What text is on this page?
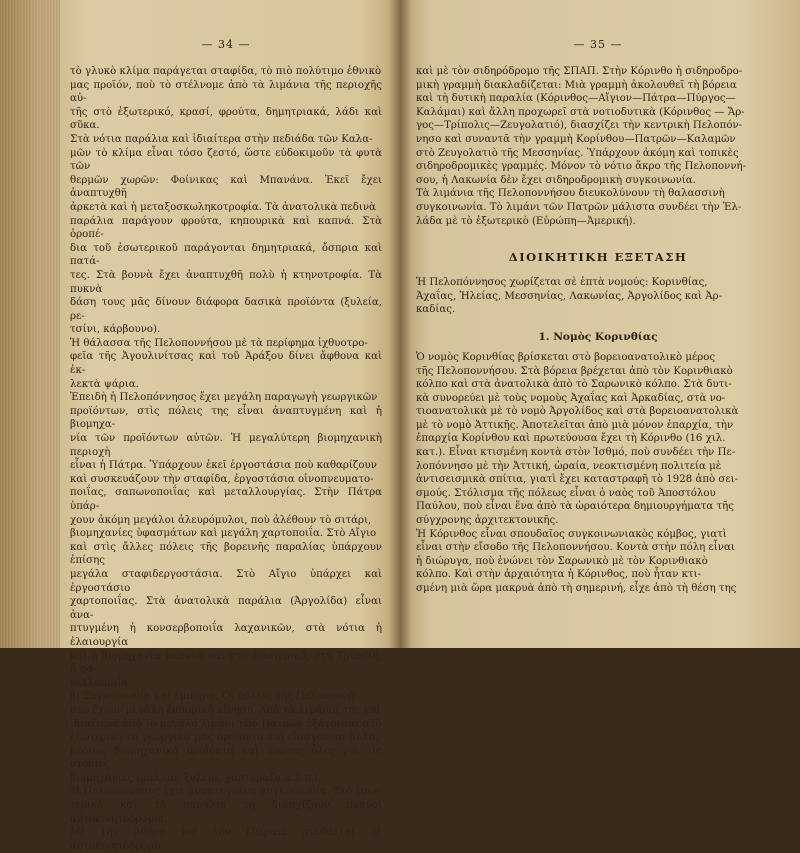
— 34 —

τὸ γλυκὸ κλίμα παράγεται σταφίδα, τὸ πιὸ πολύτιμο ἐθνικὸ

μας προϊόν, ποὺ τὸ στέλνομε ἀπὸ τὰ λιμάνια τῆς περιοχῆς αὐ-

τῆς στὸ ἐξωτερικό, κρασί, φρούτα, δημητριακά, λάδι καὶ σῦκα.

Στὰ νότια παράλια καὶ ἰδιαίτερα στὴν πεδιάδα τῶν Καλα-

μῶν τὸ κλίμα εἶναι τόσο ζεστό, ὥστε εὐδοκιμοῦν τὰ φυτὰ τῶν

θερμῶν χωρῶν: Φοίνικας καὶ Μπανάνα. Ἐκεῖ ἔχει ἀναπτυχθῆ

ἀρκετὰ καὶ ἡ μεταξοσκωληκοτροφία. Τὰ ἀνατολικὰ πεδινὰ

παράλια παράγουν φρούτα, κηπουρικὰ καὶ καπνά. Στὰ ὀροπέ-

δια τοῦ ἐσωτερικοῦ παράγονται δημητριακά, ὄσπρια καὶ πατά-

τες. Στὰ βουνὰ ἔχει ἀναπτυχθῆ πολὺ ἡ κτηνοτροφία. Τὰ πυκνὰ

δάση τους μᾶς δίνουν διάφορα δασικὰ προϊόντα (ξυλεία, ρε-

τσίνι, κάρβουνο).

Ἡ θάλασσα τῆς Πελοποννήσου μὲ τὰ περίφημα ἰχθυοτρο-

φεῖα τῆς Ἀγουλινίτσας καὶ τοῦ Ἀράξου δίνει ἄφθονα καὶ ἐκ-

λεκτὰ ψάρια.

Ἐπειδὴ ἡ Πελοπόννησος ἔχει μεγάλη παραγωγὴ γεωργικῶν

προϊόντων, στὶς πόλεις της εἶναι ἀναπτυγμένη καὶ ἡ βιομηχα-

νία τῶν προϊόντων αὐτῶν. Ἡ μεγαλύτερη βιομηχανικὴ περιοχὴ

εἶναι ἡ Πάτρα. Ὑπάρχουν ἐκεῖ ἐργοστάσια ποὺ καθαρίζουν

καὶ συσκευάζουν τὴν σταφίδα, ἐργοστάσια οἰνοπνευματο-

ποιΐας, σαπωνοποιΐας καὶ μεταλλουργίας. Στὴν Πάτρα ὑπάρ-

χουν ἀκόμη μεγάλοι ἀλευρόμυλοι, ποὺ ἀλέθουν τὸ σιτάρι,

βιομηχανίες ὑφασμάτων καὶ μεγάλη χαρτοποιΐα. Στὸ Αἴγιο

καὶ στὶς ἄλλες πόλεις τῆς βορεινῆς παραλίας ὑπάρχουν ἐπίσης

μεγάλα σταφιδεργοστάσια. Στὸ Αἴγιο ὑπάρχει καὶ ἐργοστάσιο

χαρτοποιΐας. Στὰ ἀνατολικὰ παράλια (Ἀργολίδα) εἶναι ἀνα-

πτυγμένη ἡ κονσερβοποιΐα λαχανικῶν, στὰ νότια ἡ ἐλαιουργία

καὶ ἡ βιομηχανία καπνοῦ καὶ στὸ ἐσωτερικό, στὴ Τρίπολη, ἡ φα-

νελλοποιΐα.

β) Συγκοινωνία καὶ ἐμπόριο: Οἱ πόλεις τῆς Πελοποννή-

σου ἔχουν μεγάλη ἐμπορικὴ κίνηση. Ἀπὸ τὰ λιμάνια της καὶ

ἰδιαίτερα ἀπὸ τὸ μεγάλο λιμάνι τῶν Πατρῶν ἐξάγονται στὸ

ἐξωτερικὸ τὰ γεωργικά μας προϊόντα καὶ εἰσάγονται ἄλλα,

κυρίως βιομηχανικὰ προϊόντα καὶ πρῶτες ὗλες γιὰ τὶς ντόπιες

βιομηχανίες (μαλλιά, ξυλεία, χαρτόμαζα κ.λ.π.).

Ἡ Πελοπόννησος ἔχει ἀναπτυγμένη συγκοινωνία. Στὸ ἐσω-

τερικὸ καὶ τὰ παράλια τὴ διασχίζουν πυκνοὶ αὐτοκινητόδρομοι.

Μὲ τὴν Ἀθήνα καὶ τὸν Πειραιᾶ συνδέεται μὲ αὐτοκινητόδρομο

— 35 —

καὶ μὲ τὸν σιδηρόδρομο τῆς ΣΠΑΠ. Στὴν Κόρινθο ἡ σιδηροδρο-

μικὴ γραμμὴ διακλαδίζεται: Μιὰ γραμμὴ ἀκολουθεῖ τὴ βόρεια

καὶ τὴ δυτικὴ παραλία (Κόρινθος—Αἴγιον—Πάτρα—Πύργος—

Καλάμαι) καὶ ἄλλη προχωρεῖ στὰ νοτιοδυτικὰ (Κόρινθος — Ἄρ-

γος—Τρίπολις—Ζευγολατιό), διασχίζει τὴν κεντρικὴ Πελοπόν-

νησο καὶ συναντᾶ τὴν γραμμὴ Κορίνθου—Πατρῶν—Καλαμῶν

στὸ Ζευγολατιὸ τῆς Μεσσηνίας. Ὑπάρχουν ἀκόμη καὶ τοπικὲς

σιδηροδρομικὲς γραμμές. Μόνον τὸ νότιο ἄκρο τῆς Πελοποννή-

σου, ἡ Λακωνία δὲν ἔχει σιδηροδρομικὴ συγκοινωνία.

Τὰ λιμάνια τῆς Πελοποννήσου διευκολύνουν τὴ θαλασσινὴ

συγκοινωνία. Τὸ λιμάνι τῶν Πατρῶν μάλιστα συνδέει τὴν Ἑλ-

λάδα μὲ τὸ ἐξωτερικὸ (Εὐρώπη—Ἀμερική).

ΔΙΟΙΚΗΤΙΚΗ ΕΞΕΤΑΣΗ

Ἡ Πελοπόννησος χωρίζεται σὲ ἑπτὰ νομούς: Κορινθίας,

Ἀχαΐας, Ἠλείας, Μεσσηνίας, Λακωνίας, Ἀργολίδος καὶ Ἀρ-

καδίας.

1. Νομὸς Κορινθίας

Ὁ νομὸς Κορινθίας βρίσκεται στὸ βορειοανατολικὸ μέρος

τῆς Πελοποννήσου. Στὰ βόρεια βρέχεται ἀπὸ τὸν Κορινθιακὸ

κόλπο καὶ στὰ ἀνατολικὰ ἀπὸ τὸ Σαρωνικὸ κόλπο. Στὰ δυτι-

κὰ συνορεύει μὲ τοὺς νομοὺς Ἀχαΐας καὶ Ἀρκαδίας, στὰ νο-

τιοανατολικὰ μὲ τὸ νομὸ Ἀργολίδος καὶ στὰ βορειοανατολικὰ

μὲ τὸ νομὸ Ἀττικῆς. Ἀποτελεῖται ἀπὸ μιὰ μόνον ἐπαρχία, τὴν

ἐπαρχία Κορίνθου καὶ πρωτεύουσα ἔχει τὴ Κόρινθο (16 χιλ.

κατ.). Εἶναι κτισμένη κοντὰ στὸν Ἰσθμό, ποὺ συνδέει τὴν Πε-

λοπόννησο μὲ τὴν Ἀττική, ὡραία, νεοκτισμένη πολιτεία μὲ

ἀντισεισμικὰ σπίτια, γιατὶ ἔχει καταστραφῆ τὸ 1928 ἀπὸ σει-

σμούς. Στόλισμα τῆς πόλεως εἶναι ὁ ναὸς τοῦ Ἀποστόλου

Παύλου, ποὺ εἶναι ἕνα ἀπὸ τὰ ὡραιότερα δημιουργήματα τῆς

σύγχρονης ἀρχιτεκτονικῆς.

Ἡ Κόρινθος εἶναι σπουδαῖος συγκοινωνιακὸς κόμβος, γιατὶ

εἶναι στὴν εἴσοδο τῆς Πελοποννήσου. Κοντὰ στὴν πόλη εἶναι

ἡ διώρυγα, ποὺ ἑνώνει τὸν Σαρωνικὸ μὲ τὸν Κορινθιακὸ

κόλπο. Καὶ στὴν ἀρχαιότητα ἡ Κόρινθος, ποὺ ἦταν κτι-

σμένη μιὰ ὥρα μακρυὰ ἀπὸ τὴ σημερινή, εἶχε ἀπὸ τὴ θέση της
